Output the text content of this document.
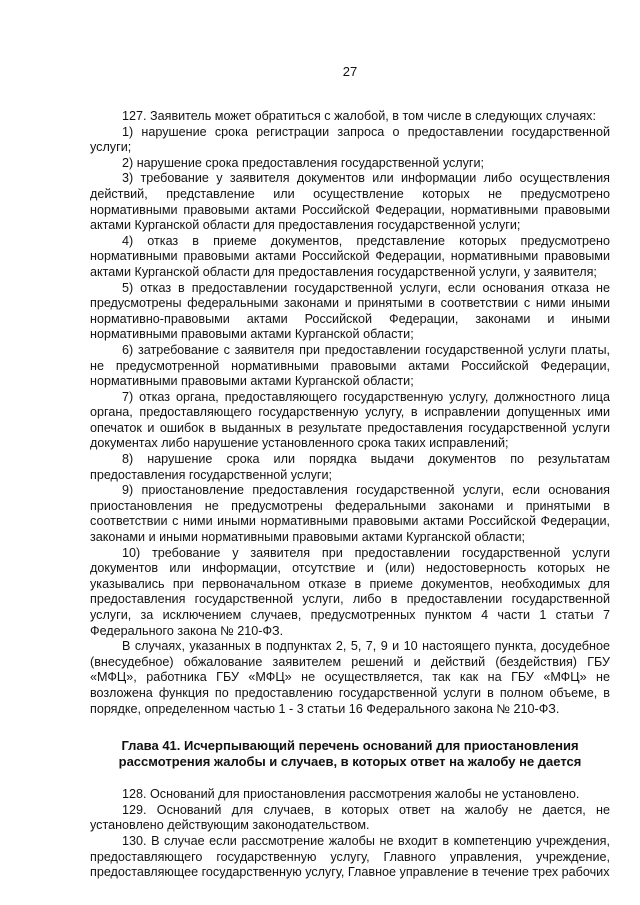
27

127. Заявитель может обратиться с жалобой, в том числе в следующих случаях:

1) нарушение срока регистрации запроса о предоставлении государственной услуги;

2) нарушение срока предоставления государственной услуги;

3) требование у заявителя документов или информации либо осуществления действий, представление или осуществление которых не предусмотрено нормативными правовыми актами Российской Федерации, нормативными правовыми актами Курганской области для предоставления государственной услуги;

4) отказ в приеме документов, представление которых предусмотрено нормативными правовыми актами Российской Федерации, нормативными правовыми актами Курганской области для предоставления государственной услуги, у заявителя;

5) отказ в предоставлении государственной услуги, если основания отказа не предусмотрены федеральными законами и принятыми в соответствии с ними иными нормативно-правовыми актами Российской Федерации, законами и иными нормативными правовыми актами Курганской области;

6) затребование с заявителя при предоставлении государственной услуги платы, не предусмотренной нормативными правовыми актами Российской Федерации, нормативными правовыми актами Курганской области;

7) отказ органа, предоставляющего государственную услугу, должностного лица органа, предоставляющего государственную услугу, в исправлении допущенных ими опечаток и ошибок в выданных в результате предоставления государственной услуги документах либо нарушение установленного срока таких исправлений;

8) нарушение срока или порядка выдачи документов по результатам предоставления государственной услуги;

9) приостановление предоставления государственной услуги, если основания приостановления не предусмотрены федеральными законами и принятыми в соответствии с ними иными нормативными правовыми актами Российской Федерации, законами и иными нормативными правовыми актами Курганской области;

10) требование у заявителя при предоставлении государственной услуги документов или информации, отсутствие и (или) недостоверность которых не указывались при первоначальном отказе в приеме документов, необходимых для предоставления государственной услуги, либо в предоставлении государственной услуги, за исключением случаев, предусмотренных пунктом 4 части 1 статьи 7 Федерального закона № 210-ФЗ.

В случаях, указанных в подпунктах 2, 5, 7, 9 и 10 настоящего пункта, досудебное (внесудебное) обжалование заявителем решений и действий (бездействия) ГБУ «МФЦ», работника ГБУ «МФЦ» не осуществляется, так как на ГБУ «МФЦ» не возложена функция по предоставлению государственной услуги в полном объеме, в порядке, определенном частью 1 - 3 статьи 16 Федерального закона № 210-ФЗ.

Глава 41. Исчерпывающий перечень оснований для приостановления
рассмотрения жалобы и случаев, в которых ответ на жалобу не дается

128. Оснований для приостановления рассмотрения жалобы не установлено.

129. Оснований для случаев, в которых ответ на жалобу не дается, не установлено действующим законодательством.

130. В случае если рассмотрение жалобы не входит в компетенцию учреждения, предоставляющего государственную услугу, Главного управления, учреждение, предоставляющее государственную услугу, Главное управление в течение трех рабочих
